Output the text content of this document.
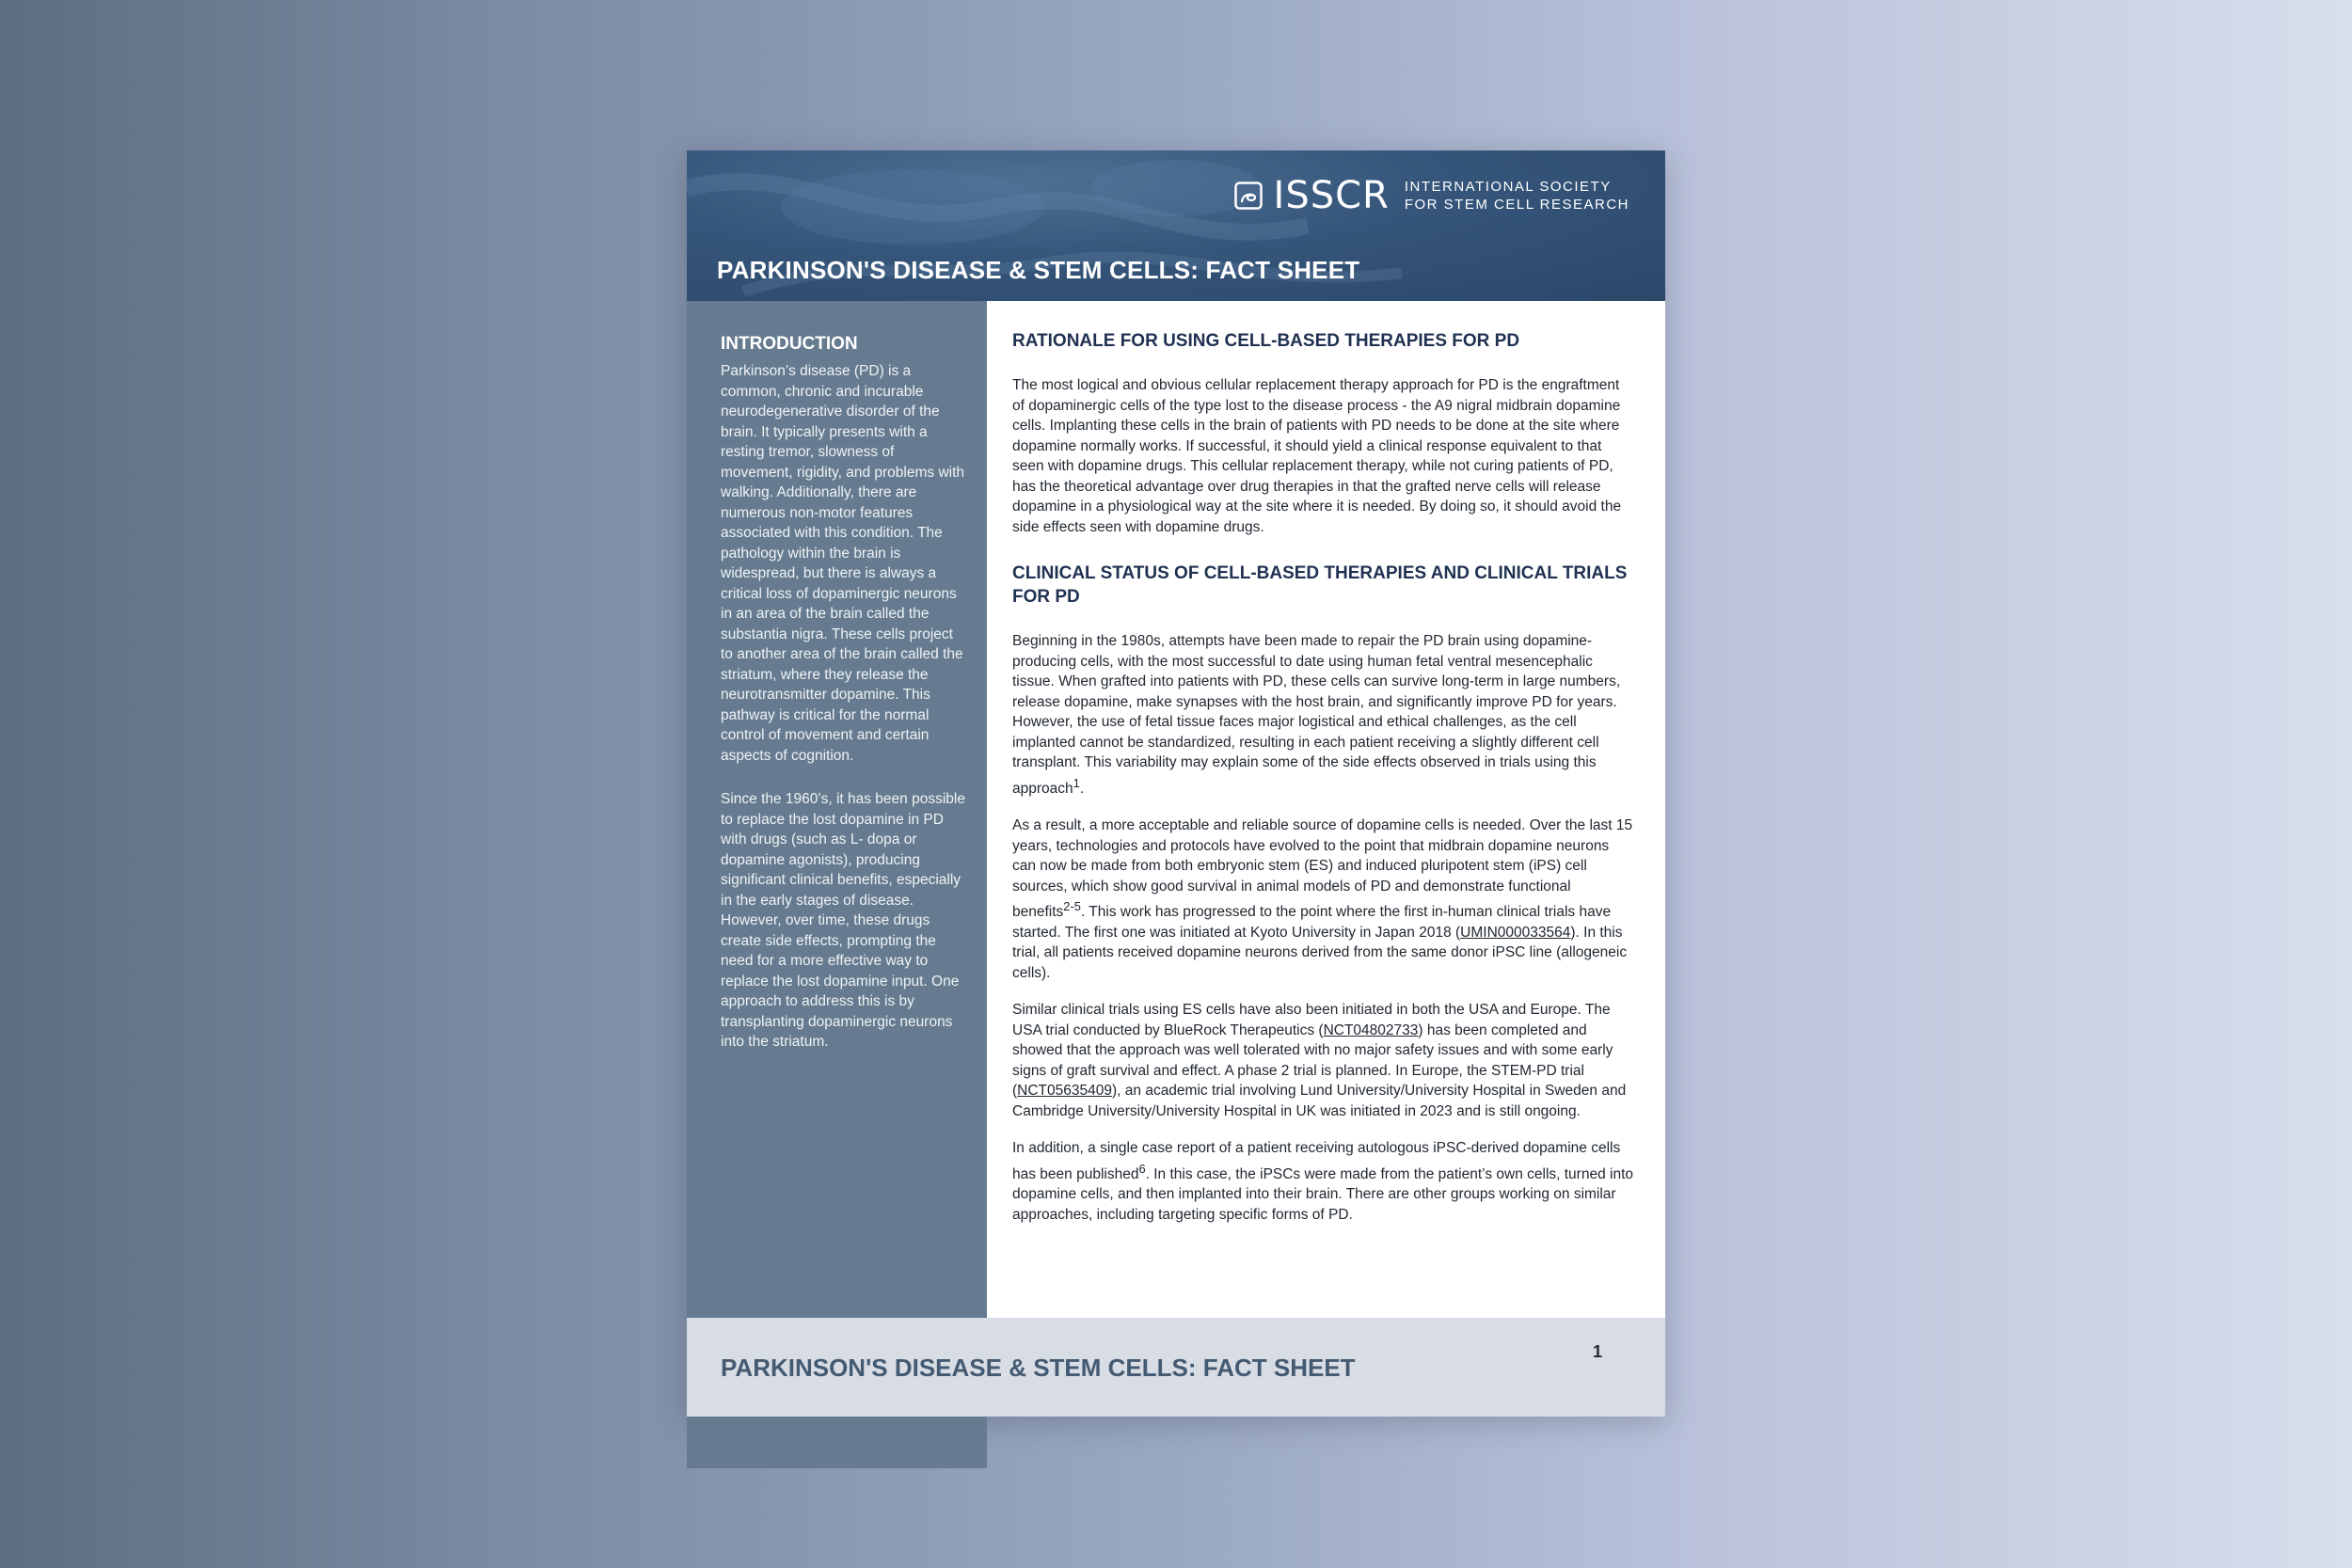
ISSCR INTERNATIONAL SOCIETY
FOR STEM CELL RESEARCH
PARKINSON'S DISEASE & STEM CELLS: FACT SHEET
INTRODUCTION

Parkinson’s disease (PD) is a common, chronic and incurable neurodegenerative disorder of the brain. It typically presents with a resting tremor, slowness of movement, rigidity, and problems with walking. Additionally, there are numerous non-motor features associated with this condition. The pathology within the brain is widespread, but there is always a critical loss of dopaminergic neurons in an area of the brain called the substantia nigra. These cells project to another area of the brain called the striatum, where they release the neurotransmitter dopamine. This pathway is critical for the normal control of movement and certain aspects of cognition.

Since the 1960’s, it has been possible to replace the lost dopamine in PD with drugs (such as L- dopa or dopamine agonists), producing significant clinical benefits, especially in the early stages of disease. However, over time, these drugs create side effects, prompting the need for a more effective way to replace the lost dopamine input. One approach to address this is by transplanting dopaminergic neurons into the striatum.

RATIONALE FOR USING CELL-BASED THERAPIES FOR PD

The most logical and obvious cellular replacement therapy approach for PD is the engraftment of dopaminergic cells of the type lost to the disease process - the A9 nigral midbrain dopamine cells. Implanting these cells in the brain of patients with PD needs to be done at the site where dopamine normally works. If successful, it should yield a clinical response equivalent to that seen with dopamine drugs. This cellular replacement therapy, while not curing patients of PD, has the theoretical advantage over drug therapies in that the grafted nerve cells will release dopamine in a physiological way at the site where it is needed. By doing so, it should avoid the side effects seen with dopamine drugs.

CLINICAL STATUS OF CELL-BASED THERAPIES AND CLINICAL TRIALS FOR PD

Beginning in the 1980s, attempts have been made to repair the PD brain using dopamine-producing cells, with the most successful to date using human fetal ventral mesencephalic tissue. When grafted into patients with PD, these cells can survive long-term in large numbers, release dopamine, make synapses with the host brain, and significantly improve PD for years. However, the use of fetal tissue faces major logistical and ethical challenges, as the cell implanted cannot be standardized, resulting in each patient receiving a slightly different cell transplant. This variability may explain some of the side effects observed in trials using this approach$^1$.

As a result, a more acceptable and reliable source of dopamine cells is needed. Over the last 15 years, technologies and protocols have evolved to the point that midbrain dopamine neurons can now be made from both embryonic stem (ES) and induced pluripotent stem (iPS) cell sources, which show good survival in animal models of PD and demonstrate functional benefits$^{2-5}$. This work has progressed to the point where the first in-human clinical trials have started. The first one was initiated at Kyoto University in Japan 2018 (UMIN000033564). In this trial, all patients received dopamine neurons derived from the same donor iPSC line (allogeneic cells).

Similar clinical trials using ES cells have also been initiated in both the USA and Europe. The USA trial conducted by BlueRock Therapeutics (NCT04802733) has been completed and showed that the approach was well tolerated with no major safety issues and with some early signs of graft survival and effect. A phase 2 trial is planned. In Europe, the STEM-PD trial (NCT05635409), an academic trial involving Lund University/University Hospital in Sweden and Cambridge University/University Hospital in UK was initiated in 2023 and is still ongoing.

In addition, a single case report of a patient receiving autologous iPSC-derived dopamine cells has been published$^6$. In this case, the iPSCs were made from the patient’s own cells, turned into dopamine cells, and then implanted into their brain. There are other groups working on similar approaches, including targeting specific forms of PD.

PARKINSON'S DISEASE & STEM CELLS: FACT SHEET
1
